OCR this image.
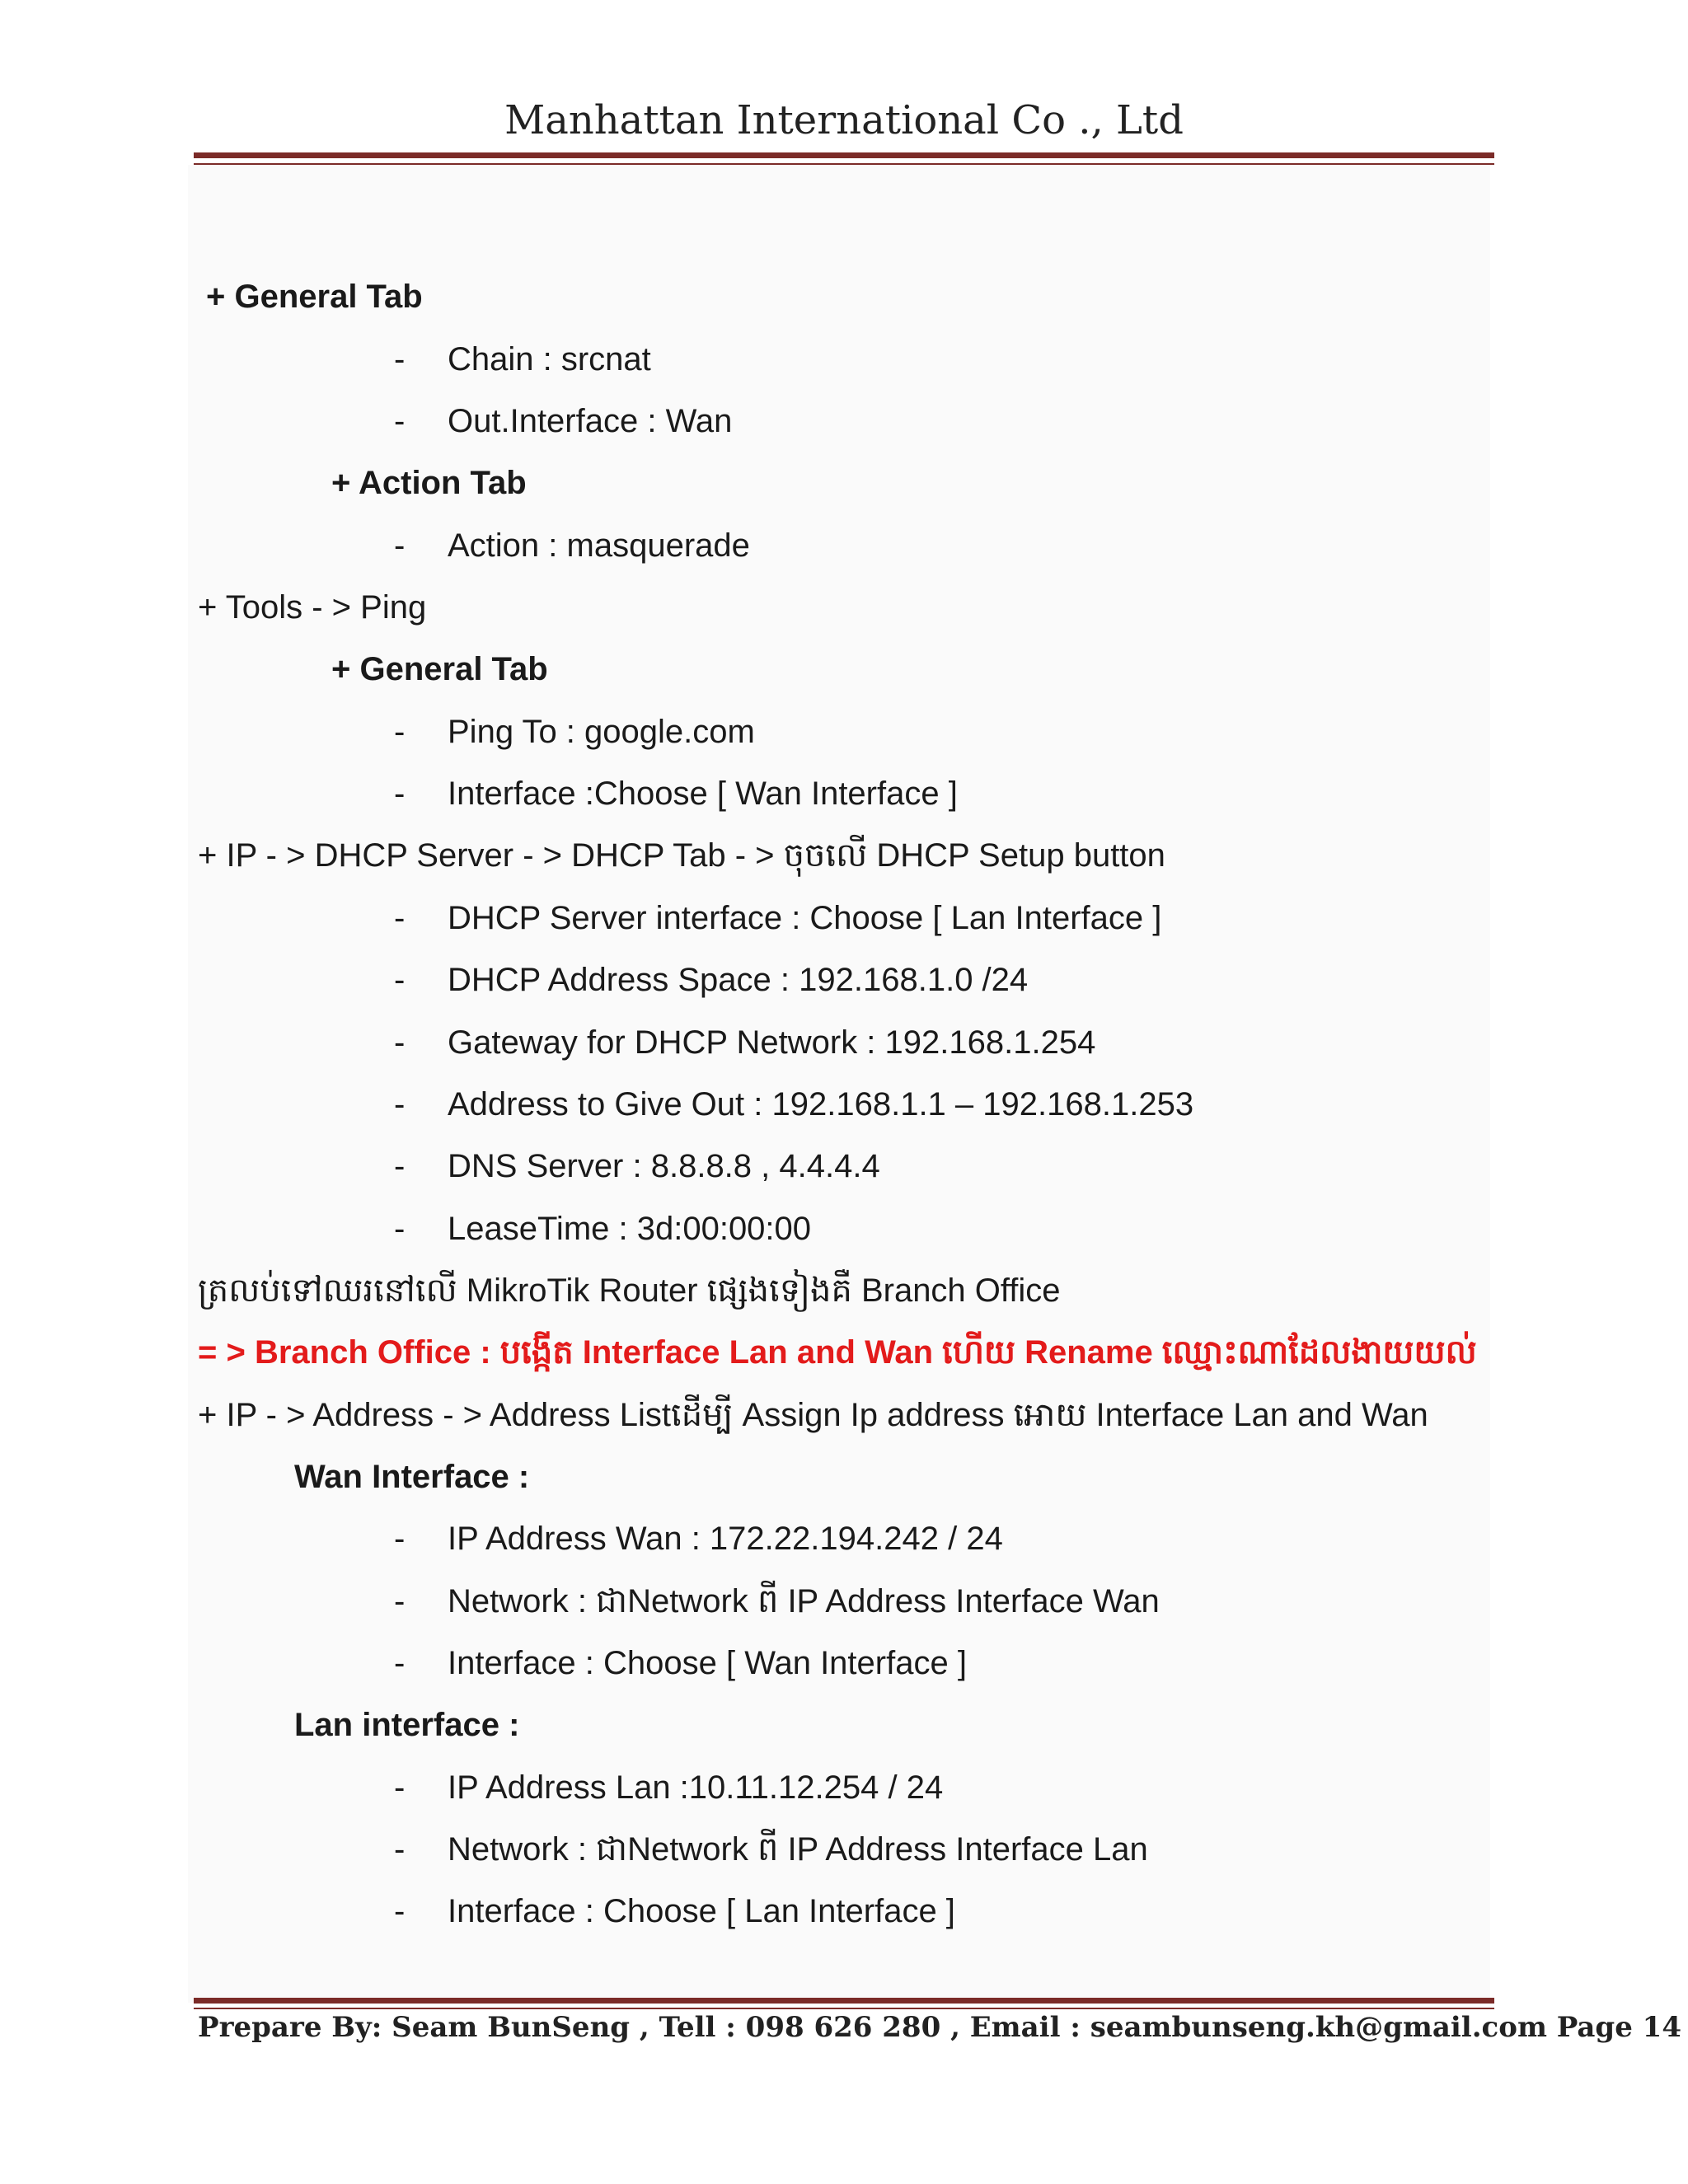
Manhattan International Co ., Ltd
+ General Tab
- Chain : srcnat
- Out.Interface : Wan
+ Action Tab
- Action : masquerade
+ Tools - > Ping
+ General Tab
- Ping To : google.com
- Interface :Choose [ Wan Interface ]
+ IP - > DHCP Server - > DHCP Tab - > ចុចលើ DHCP Setup button
- DHCP Server interface : Choose [ Lan Interface ]
- DHCP Address Space : 192.168.1.0 /24
- Gateway for DHCP Network : 192.168.1.254
- Address to Give Out : 192.168.1.1 – 192.168.1.253
- DNS Server : 8.8.8.8 , 4.4.4.4
- LeaseTime : 3d:00:00:00
ត្រលប់ទៅឈរនៅលើ MikroTik Router ផ្សេងទៀងគឺ Branch Office
= > Branch Office : បង្កើត Interface Lan and Wan ហើយ Rename ឈ្មោះណាដែលងាយយល់
+ IP - > Address - > Address Listដើម្បី Assign Ip address អោយ Interface Lan and Wan
Wan Interface :
- IP Address Wan : 172.22.194.242 / 24
- Network : ជាNetwork ពី IP Address Interface Wan
- Interface : Choose [ Wan Interface ]
Lan interface :
- IP Address Lan :10.11.12.254 / 24
- Network : ជាNetwork ពី IP Address Interface Lan
- Interface : Choose [ Lan Interface ]
Prepare By: Seam BunSeng , Tell : 098 626 280 , Email : seambunseng.kh@gmail.com Page 14
